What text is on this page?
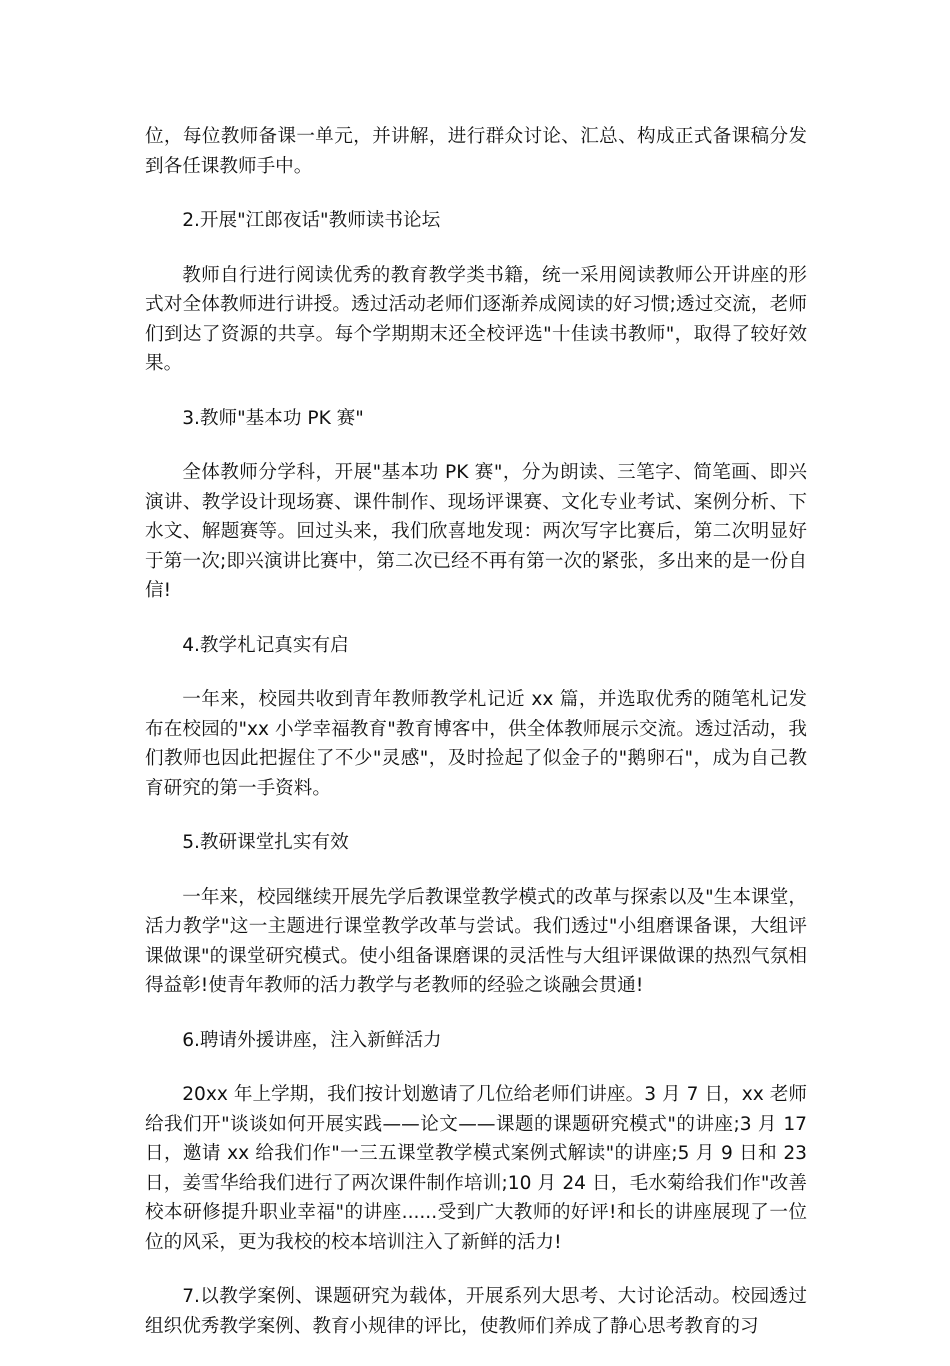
位，每位教师备课一单元，并讲解，进行群众讨论、汇总、构成正式备课稿分发到各任课教师手中。

2.开展"江郎夜话"教师读书论坛

教师自行进行阅读优秀的教育教学类书籍，统一采用阅读教师公开讲座的形式对全体教师进行讲授。透过活动老师们逐渐养成阅读的好习惯;透过交流，老师们到达了资源的共享。每个学期期末还全校评选"十佳读书教师"，取得了较好效果。

3.教师"基本功 PK 赛"

全体教师分学科，开展"基本功 PK 赛"，分为朗读、三笔字、简笔画、即兴演讲、教学设计现场赛、课件制作、现场评课赛、文化专业考试、案例分析、下水文、解题赛等。回过头来，我们欣喜地发现：两次写字比赛后，第二次明显好于第一次;即兴演讲比赛中，第二次已经不再有第一次的紧张，多出来的是一份自信!

4.教学札记真实有启

一年来，校园共收到青年教师教学札记近 xx 篇，并选取优秀的随笔札记发布在校园的"xx 小学幸福教育"教育博客中，供全体教师展示交流。透过活动，我们教师也因此把握住了不少"灵感"，及时捡起了似金子的"鹅卵石"，成为自己教育研究的第一手资料。

5.教研课堂扎实有效

一年来，校园继续开展先学后教课堂教学模式的改革与探索以及"生本课堂，活力教学"这一主题进行课堂教学改革与尝试。我们透过"小组磨课备课，大组评课做课"的课堂研究模式。使小组备课磨课的灵活性与大组评课做课的热烈气氛相得益彰!使青年教师的活力教学与老教师的经验之谈融会贯通!

6.聘请外援讲座，注入新鲜活力

20xx 年上学期，我们按计划邀请了几位给老师们讲座。3 月 7 日，xx 老师给我们开"谈谈如何开展实践——论文——课题的课题研究模式"的讲座;3 月 17 日，邀请 xx 给我们作"一三五课堂教学模式案例式解读"的讲座;5 月 9 日和 23 日，姜雪华给我们进行了两次课件制作培训;10 月 24 日，毛水菊给我们作"改善校本研修提升职业幸福"的讲座......受到广大教师的好评!和长的讲座展现了一位位的风采，更为我校的校本培训注入了新鲜的活力!

7.以教学案例、课题研究为载体，开展系列大思考、大讨论活动。校园透过组织优秀教学案例、教育小规律的评比，使教师们养成了静心思考教育的习
